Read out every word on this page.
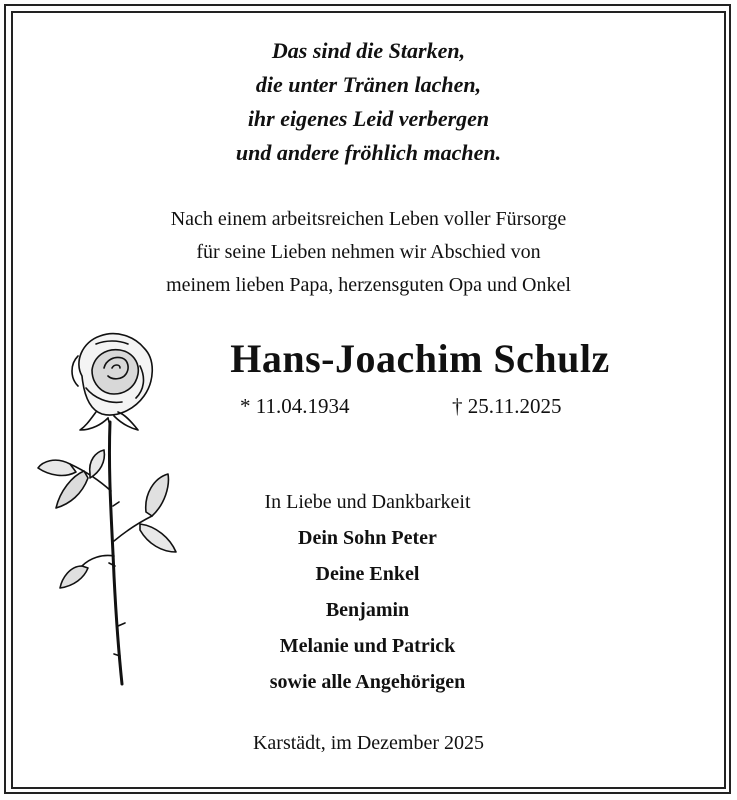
Das sind die Starken,
die unter Tränen lachen,
ihr eigenes Leid verbergen
und andere fröhlich machen.
Nach einem arbeitsreichen Leben voller Fürsorge
für seine Lieben nehmen wir Abschied von
meinem lieben Papa, herzensguten Opa und Onkel
Hans-Joachim Schulz
* 11.04.1934	† 25.11.2025
In Liebe und Dankbarkeit
Dein Sohn Peter
Deine Enkel
Benjamin
Melanie und Patrick
sowie alle Angehörigen
Karstädt, im Dezember 2025
